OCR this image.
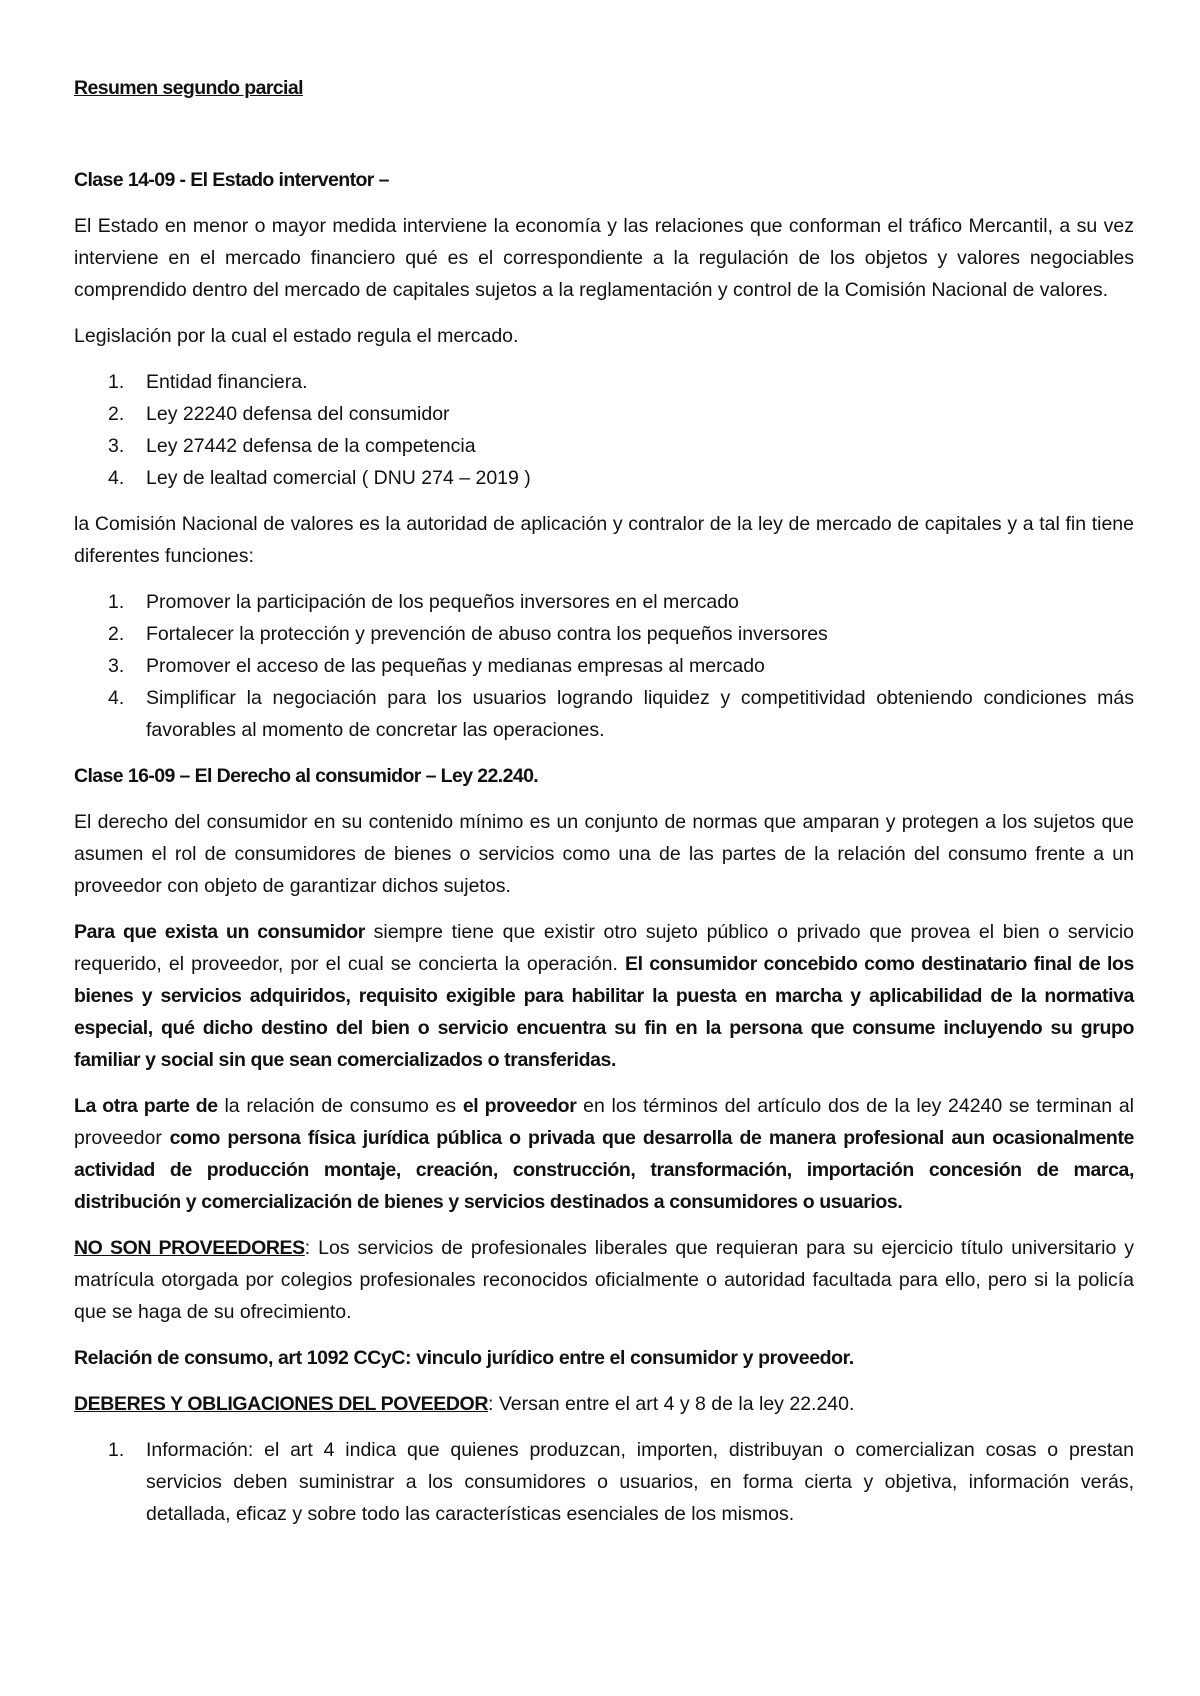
Resumen segundo parcial
Clase 14-09 - El Estado interventor –

El Estado en menor o mayor medida interviene la economía y las relaciones que conforman el tráfico Mercantil, a su vez interviene en el mercado financiero qué es el correspondiente a la regulación de los objetos y valores negociables comprendido dentro del mercado de capitales sujetos a la reglamentación y control de la Comisión Nacional de valores.

Legislación por la cual el estado regula el mercado.

1. Entidad financiera.
2. Ley 22240 defensa del consumidor
3. Ley 27442 defensa de la competencia
4. Ley de lealtad comercial ( DNU 274 – 2019 )

la Comisión Nacional de valores es la autoridad de aplicación y contralor de la ley de mercado de capitales y a tal fin tiene diferentes funciones:

1. Promover la participación de los pequeños inversores en el mercado
2. Fortalecer la protección y prevención de abuso contra los pequeños inversores
3. Promover el acceso de las pequeñas y medianas empresas al mercado
4. Simplificar la negociación para los usuarios logrando liquidez y competitividad obteniendo condiciones más favorables al momento de concretar las operaciones.
Clase 16-09 – El Derecho al consumidor – Ley 22.240.

El derecho del consumidor en su contenido mínimo es un conjunto de normas que amparan y protegen a los sujetos que asumen el rol de consumidores de bienes o servicios como una de las partes de la relación del consumo frente a un proveedor con objeto de garantizar dichos sujetos.

Para que exista un consumidor siempre tiene que existir otro sujeto público o privado que provea el bien o servicio requerido, el proveedor, por el cual se concierta la operación. El consumidor concebido como destinatario final de los bienes y servicios adquiridos, requisito exigible para habilitar la puesta en marcha y aplicabilidad de la normativa especial, qué dicho destino del bien o servicio encuentra su fin en la persona que consume incluyendo su grupo familiar y social sin que sean comercializados o transferidas.

La otra parte de la relación de consumo es el proveedor en los términos del artículo dos de la ley 24240 se terminan al proveedor como persona física jurídica pública o privada que desarrolla de manera profesional aun ocasionalmente actividad de producción montaje, creación, construcción, transformación, importación concesión de marca, distribución y comercialización de bienes y servicios destinados a consumidores o usuarios.

NO SON PROVEEDORES: Los servicios de profesionales liberales que requieran para su ejercicio título universitario y matrícula otorgada por colegios profesionales reconocidos oficialmente o autoridad facultada para ello, pero si la policía que se haga de su ofrecimiento.

Relación de consumo, art 1092 CCyC: vinculo jurídico entre el consumidor y proveedor.

DEBERES Y OBLIGACIONES DEL POVEEDOR: Versan entre el art 4 y 8 de la ley 22.240.

1. Información: el art 4 indica que quienes produzcan, importen, distribuyan o comercializan cosas o prestan servicios deben suministrar a los consumidores o usuarios, en forma cierta y objetiva, información verás, detallada, eficaz y sobre todo las características esenciales de los mismos.
